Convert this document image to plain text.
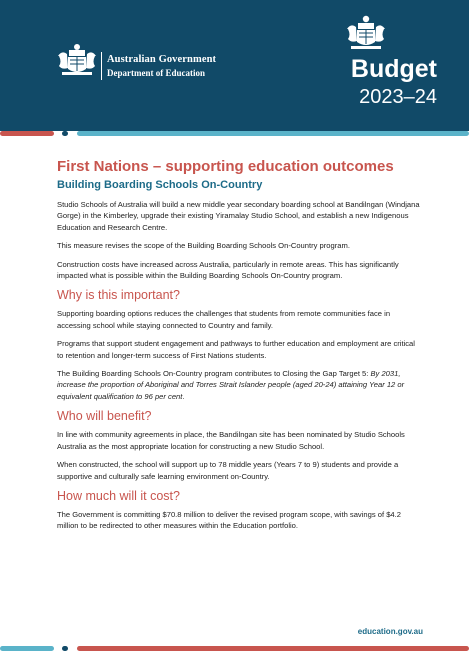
Australian Government
Department of Education	Budget
2023–24
First Nations – supporting education outcomes
Building Boarding Schools On-Country

Studio Schools of Australia will build a new middle year secondary boarding school at Bandilngan (Windjana Gorge) in the Kimberley, upgrade their existing Yiramalay Studio School, and establish a new Indigenous Education and Research Centre.

This measure revises the scope of the Building Boarding Schools On-Country program.

Construction costs have increased across Australia, particularly in remote areas. This has significantly impacted what is possible within the Building Boarding Schools On-Country program.

Why is this important?

Supporting boarding options reduces the challenges that students from remote communities face in accessing school while staying connected to Country and family.

Programs that support student engagement and pathways to further education and employment are critical to retention and longer-term success of First Nations students.

The Building Boarding Schools On-Country program contributes to Closing the Gap Target 5: By 2031, increase the proportion of Aboriginal and Torres Strait Islander people (aged 20-24) attaining Year 12 or equivalent qualification to 96 per cent.

Who will benefit?

In line with community agreements in place, the Bandilngan site has been nominated by Studio Schools Australia as the most appropriate location for constructing a new Studio School.

When constructed, the school will support up to 78 middle years (Years 7 to 9) students and provide a supportive and culturally safe learning environment on-Country.

How much will it cost?

The Government is committing $70.8 million to deliver the revised program scope, with savings of $4.2 million to be redirected to other measures within the Education portfolio.

education.gov.au
